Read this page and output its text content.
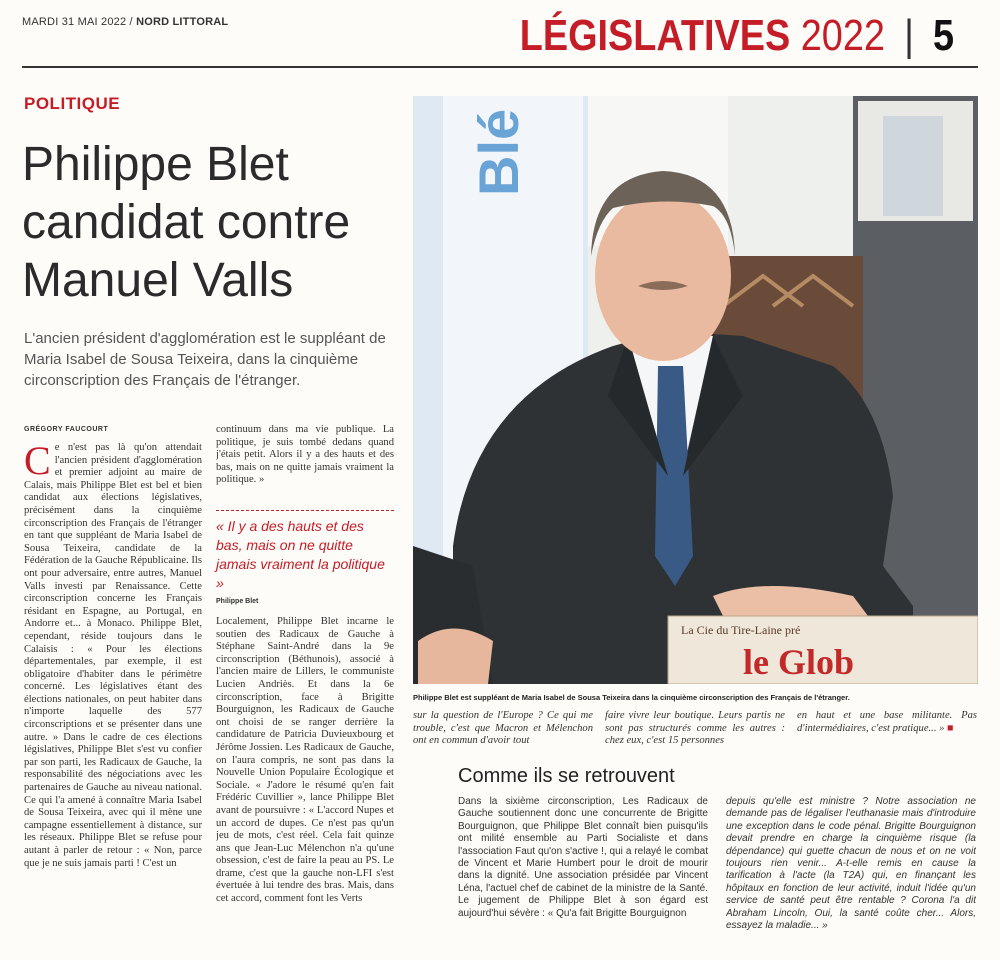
MARDI 31 MAI 2022 / NORD LITTORAL	LÉGISLATIVES 2022 | 5
POLITIQUE
Philippe Blet
candidat contre
Manuel Valls
L'ancien président d'agglomération est le suppléant de Maria Isabel de Sousa Teixeira, dans la cinquième circonscription des Français de l'étranger.
Blé
La Cie du Tire-Laine pré
le Glob
Philippe Blet est suppléant de Maria Isabel de Sousa Teixeira dans la cinquième circonscription des Français de l'étranger.
GRÉGORY FAUCOURT
C e n'est pas là qu'on attendait l'ancien président d'agglomération et premier adjoint au maire de Calais, mais Philippe Blet est bel et bien candidat aux élections législatives, précisément dans la cinquième circonscription des Français de l'étranger en tant que suppléant de Maria Isabel de Sousa Teixeira, candidate de la Fédération de la Gauche Républicaine. Ils ont pour adversaire, entre autres, Manuel Valls investi par Renaissance. Cette circonscription concerne les Français résidant en Espagne, au Portugal, en Andorre et... à Monaco. Philippe Blet, cependant, réside toujours dans le Calaisis : « Pour les élections départementales, par exemple, il est obligatoire d'habiter dans le périmètre concerné. Les législatives étant des élections nationales, on peut habiter dans n'importe laquelle des 577 circonscriptions et se présenter dans une autre. » Dans le cadre de ces élections législatives, Philippe Blet s'est vu confier par son parti, les Radicaux de Gauche, la responsabilité des négociations avec les partenaires de Gauche au niveau national. Ce qui l'a amené à connaître Maria Isabel de Sousa Teixeira, avec qui il mène une campagne essentiellement à distance, sur les réseaux. Philippe Blet se refuse pour autant à parler de retour : « Non, parce que je ne suis jamais parti ! C'est un

continuum dans ma vie publique. La politique, je suis tombé dedans quand j'étais petit. Alors il y a des hauts et des bas, mais on ne quitte jamais vraiment la politique. »

« Il y a des hauts et des bas, mais on ne quitte jamais vraiment la politique »
Philippe Blet

Localement, Philippe Blet incarne le soutien des Radicaux de Gauche à Stéphane Saint-André dans la 9e circonscription (Béthunois), associé à l'ancien maire de Lillers, le communiste Lucien Andriès. Et dans la 6e circonscription, face à Brigitte Bourguignon, les Radicaux de Gauche ont choisi de se ranger derrière la candidature de Patricia Duvieuxbourg et Jérôme Jossien. Les Radicaux de Gauche, on l'aura compris, ne sont pas dans la Nouvelle Union Populaire Écologique et Sociale. « J'adore le résumé qu'en fait Frédéric Cuvillier », lance Philippe Blet avant de poursuivre : « L'accord Nupes et un accord de dupes. Ce n'est pas qu'un jeu de mots, c'est réel. Cela fait quinze ans que Jean-Luc Mélenchon n'a qu'une obsession, c'est de faire la peau au PS. Le drame, c'est que la gauche non-LFI s'est évertuée à lui tendre des bras. Mais, dans cet accord, comment font les Verts

sur la question de l'Europe ? Ce qui me trouble, c'est que Macron et Mélenchon ont en commun d'avoir tout

faire vivre leur boutique. Leurs partis ne sont pas structurés comme les autres : chez eux, c'est 15 personnes

en haut et une base militante. Pas d'intermédiaires, c'est pratique... » ■

Comme ils se retrouvent

Dans la sixième circonscription, Les Radicaux de Gauche soutiennent donc une concurrente de Brigitte Bourguignon, que Philippe Blet connaît bien puisqu'ils ont milité ensemble au Parti Socialiste et dans l'association Faut qu'on s'active !, qui a relayé le combat de Vincent et Marie Humbert pour le droit de mourir dans la dignité. Une association présidée par Vincent Léna, l'actuel chef de cabinet de la ministre de la Santé. Le jugement de Philippe Blet à son égard est aujourd'hui sévère : « Qu'a fait Brigitte Bourguignon

depuis qu'elle est ministre ? Notre association ne demande pas de légaliser l'euthanasie mais d'introduire une exception dans le code pénal. Brigitte Bourguignon devait prendre en charge la cinquième risque (la dépendance) qui guette chacun de nous et on ne voit toujours rien venir... A-t-elle remis en cause la tarification à l'acte (la T2A) qui, en finançant les hôpitaux en fonction de leur activité, induit l'idée qu'un service de santé peut être rentable ? Corona l'a dit Abraham Lincoln, Oui, la santé coûte cher... Alors, essayez la maladie... »
